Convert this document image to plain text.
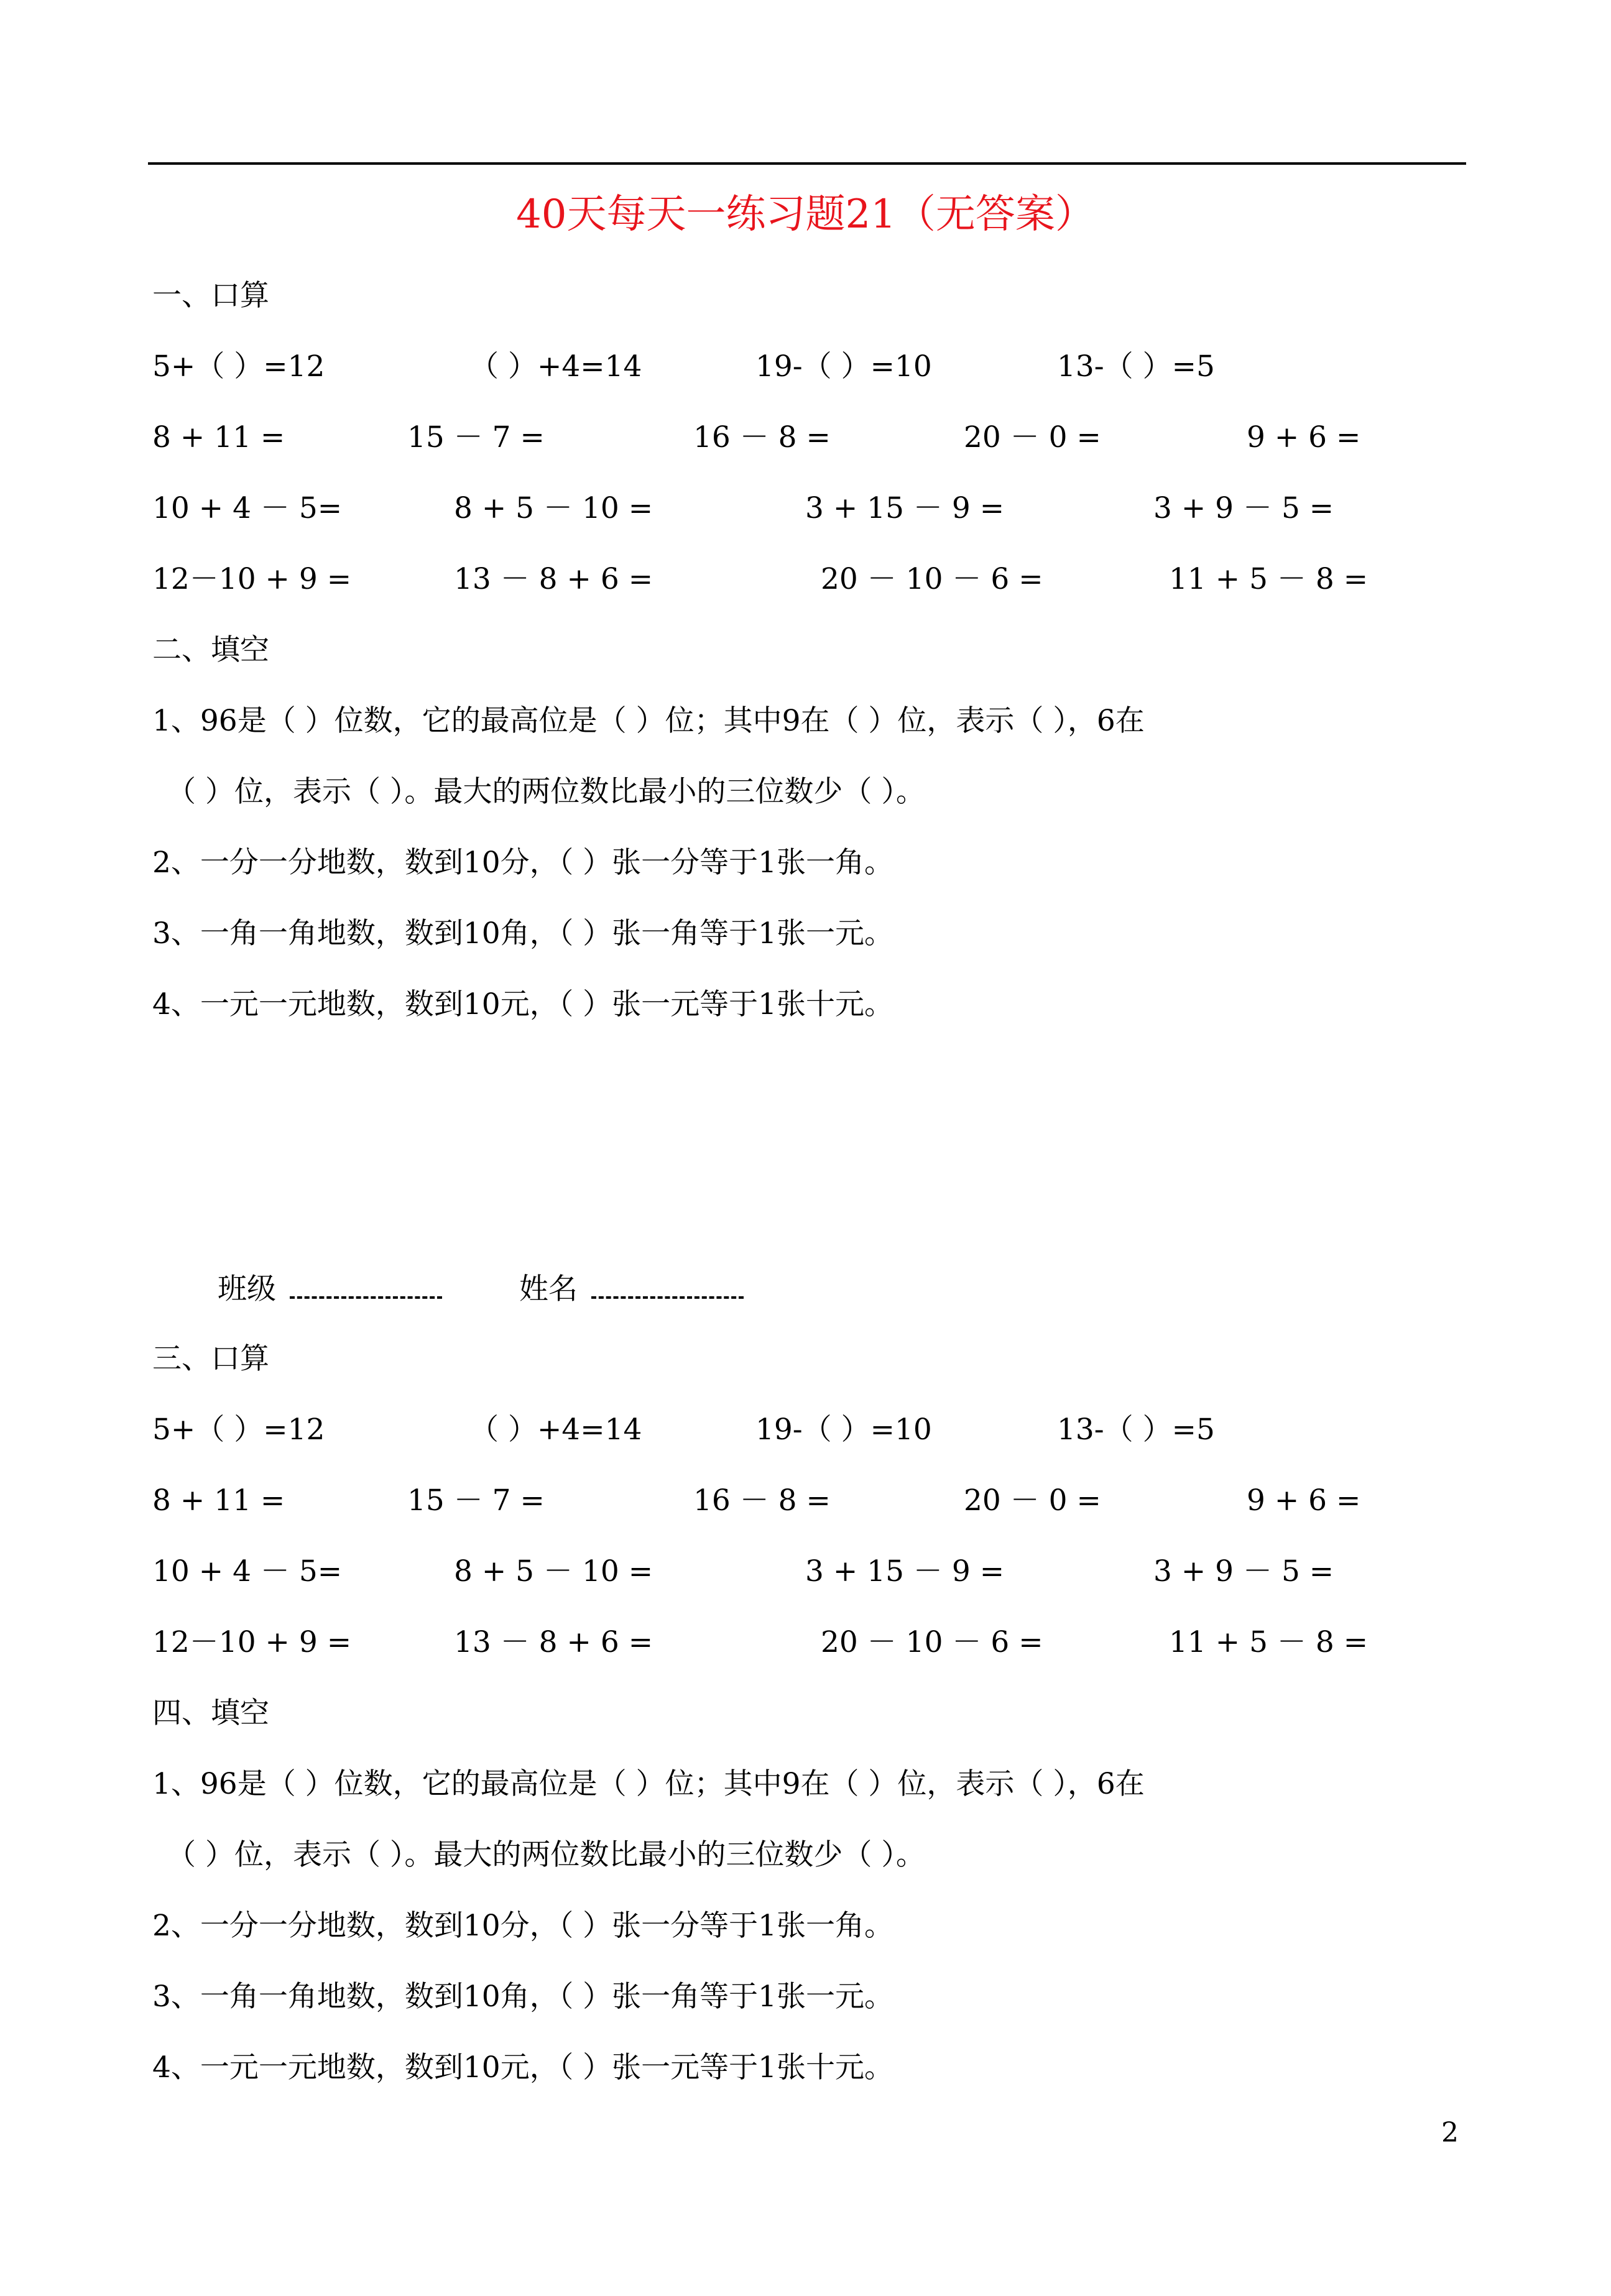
40天每天一练习题21（无答案）
一、口算
5+（ ）=12	（ ）+4=14	19-（ ）=10	13-（ ）=5
8 + 11 =	15 － 7 =	16 － 8 =	20 － 0 =	9 + 6 =
10 + 4 － 5=	8 + 5 － 10 =	3 + 15 － 9 =	3 + 9 － 5 =
12－10 + 9 =	13 － 8 + 6 =	20 － 10 － 6 =	11 + 5 － 8 =
二、填空
1、96是（ ）位数，它的最高位是（ ）位；其中9在（ ）位，表示（ ），6在
（ ）位，表示（ ）。最大的两位数比最小的三位数少（ ）。
2、一分一分地数，数到10分，（ ）张一分等于1张一角。
3、一角一角地数，数到10角，（ ）张一角等于1张一元。
4、一元一元地数，数到10元，（ ）张一元等于1张十元。
班级	姓名
三、口算
5+（ ）=12	（ ）+4=14	19-（ ）=10	13-（ ）=5
8 + 11 =	15 － 7 =	16 － 8 =	20 － 0 =	9 + 6 =
10 + 4 － 5=	8 + 5 － 10 =	3 + 15 － 9 =	3 + 9 － 5 =
12－10 + 9 =	13 － 8 + 6 =	20 － 10 － 6 =	11 + 5 － 8 =
四、填空
1、96是（ ）位数，它的最高位是（ ）位；其中9在（ ）位，表示（ ），6在
（ ）位，表示（ ）。最大的两位数比最小的三位数少（ ）。
2、一分一分地数，数到10分，（ ）张一分等于1张一角。
3、一角一角地数，数到10角，（ ）张一角等于1张一元。
4、一元一元地数，数到10元，（ ）张一元等于1张十元。
2
